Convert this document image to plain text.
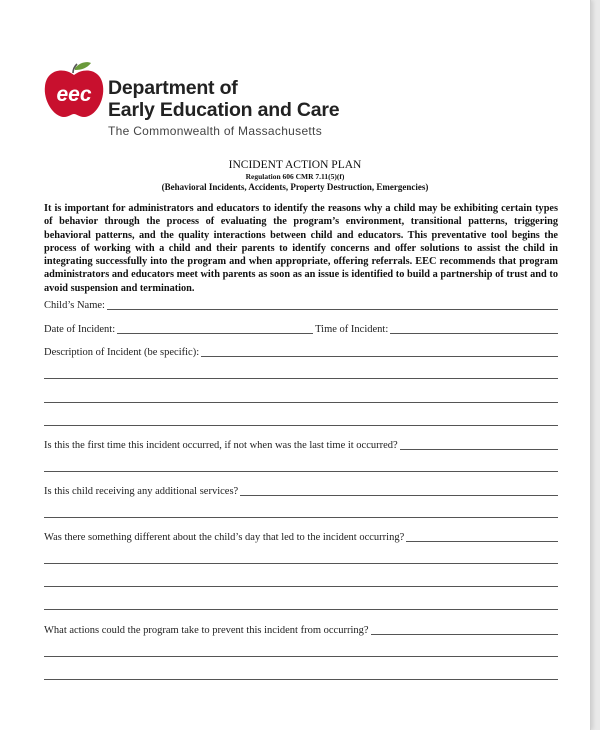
eec Department of
Early Education and Care
The Commonwealth of Massachusetts
INCIDENT ACTION PLAN
Regulation 606 CMR 7.11(5)(f)
(Behavioral Incidents, Accidents, Property Destruction, Emergencies)
It is important for administrators and educators to identify the reasons why a child may be exhibiting certain types of behavior through the process of evaluating the program’s environment, transitional patterns, triggering behavioral patterns, and the quality interactions between child and educators. This preventative tool begins the process of working with a child and their parents to identify concerns and offer solutions to assist the child in integrating successfully into the program and when appropriate, offering referrals. EEC recommends that program administrators and educators meet with parents as soon as an issue is identified to build a partnership of trust and to avoid suspension and termination.
Child’s Name:
Date of Incident:	Time of Incident:
Description of Incident (be specific):
Is this the first time this incident occurred, if not when was the last time it occurred?
Is this child receiving any additional services?
Was there something different about the child’s day that led to the incident occurring?
What actions could the program take to prevent this incident from occurring?
